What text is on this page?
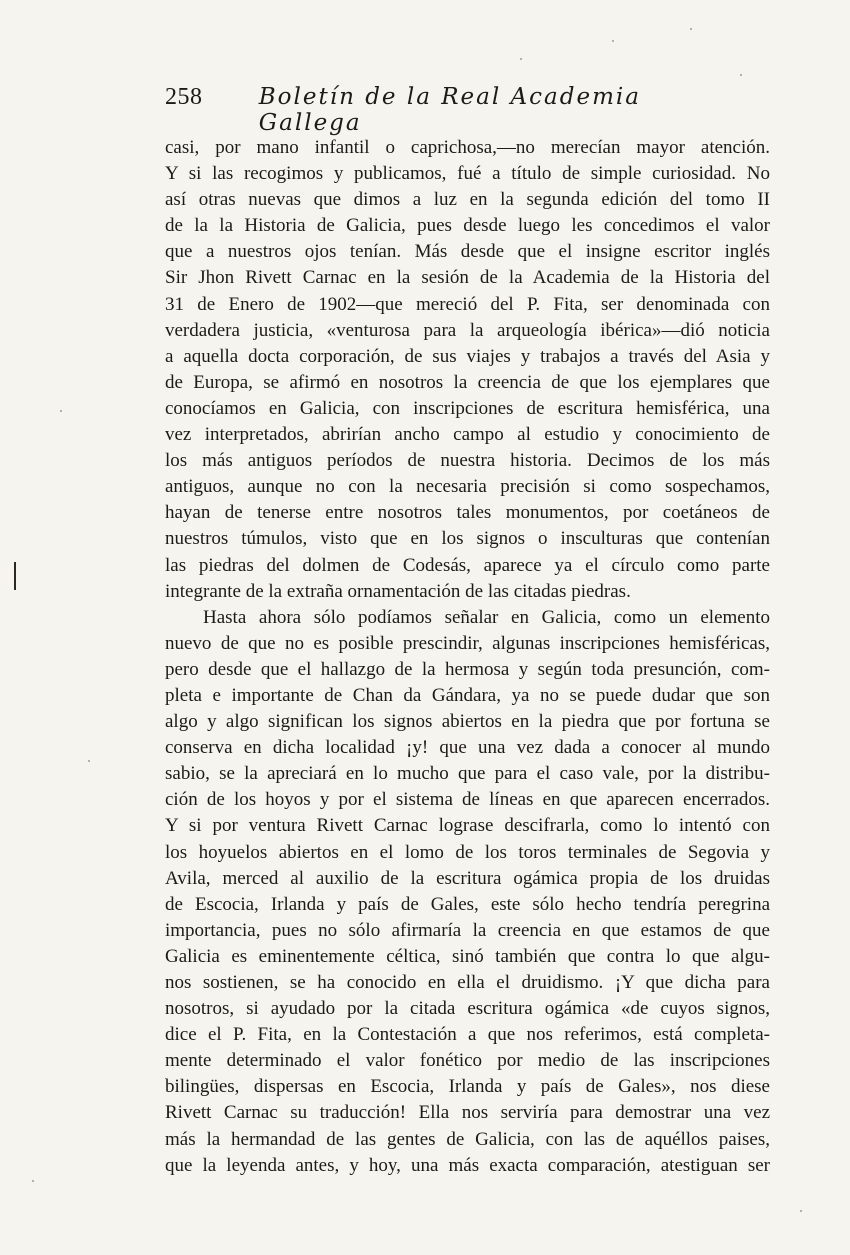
258	Boletín de la Real Academia Gallega
casi, por mano infantil o caprichosa,—no merecían mayor atención.
Y si las recogimos y publicamos, fué a título de simple curiosidad. No
así otras nuevas que dimos a luz en la segunda edición del tomo II
de la la Historia de Galicia, pues desde luego les concedimos el valor
que a nuestros ojos tenían. Más desde que el insigne escritor inglés
Sir Jhon Rivett Carnac en la sesión de la Academia de la Historia del
31 de Enero de 1902—que mereció del P. Fita, ser denominada con
verdadera justicia, «venturosa para la arqueología ibérica»—dió noticia
a aquella docta corporación, de sus viajes y trabajos a través del Asia y
de Europa, se afirmó en nosotros la creencia de que los ejemplares que
conocíamos en Galicia, con inscripciones de escritura hemisférica, una
vez interpretados, abrirían ancho campo al estudio y conocimiento de
los más antiguos períodos de nuestra historia. Decimos de los más
antiguos, aunque no con la necesaria precisión si como sospechamos,
hayan de tenerse entre nosotros tales monumentos, por coetáneos de
nuestros túmulos, visto que en los signos o insculturas que contenían
las piedras del dolmen de Codesás, aparece ya el círculo como parte
integrante de la extraña ornamentación de las citadas piedras.
Hasta ahora sólo podíamos señalar en Galicia, como un elemento
nuevo de que no es posible prescindir, algunas inscripciones hemisféricas,
pero desde que el hallazgo de la hermosa y según toda presunción, com-
pleta e importante de Chan da Gándara, ya no se puede dudar que son
algo y algo significan los signos abiertos en la piedra que por fortuna se
conserva en dicha localidad ¡y! que una vez dada a conocer al mundo
sabio, se la apreciará en lo mucho que para el caso vale, por la distribu-
ción de los hoyos y por el sistema de líneas en que aparecen encerrados.
Y si por ventura Rivett Carnac lograse descifrarla, como lo intentó con
los hoyuelos abiertos en el lomo de los toros terminales de Segovia y
Avila, merced al auxilio de la escritura ogámica propia de los druidas
de Escocia, Irlanda y país de Gales, este sólo hecho tendría peregrina
importancia, pues no sólo afirmaría la creencia en que estamos de que
Galicia es eminentemente céltica, sinó también que contra lo que algu-
nos sostienen, se ha conocido en ella el druidismo. ¡Y que dicha para
nosotros, si ayudado por la citada escritura ogámica «de cuyos signos,
dice el P. Fita, en la Contestación a que nos referimos, está completa-
mente determinado el valor fonético por medio de las inscripciones
bilingües, dispersas en Escocia, Irlanda y país de Gales», nos diese
Rivett Carnac su traducción! Ella nos serviría para demostrar una vez
más la hermandad de las gentes de Galicia, con las de aquéllos paises,
que la leyenda antes, y hoy, una más exacta comparación, atestiguan ser
